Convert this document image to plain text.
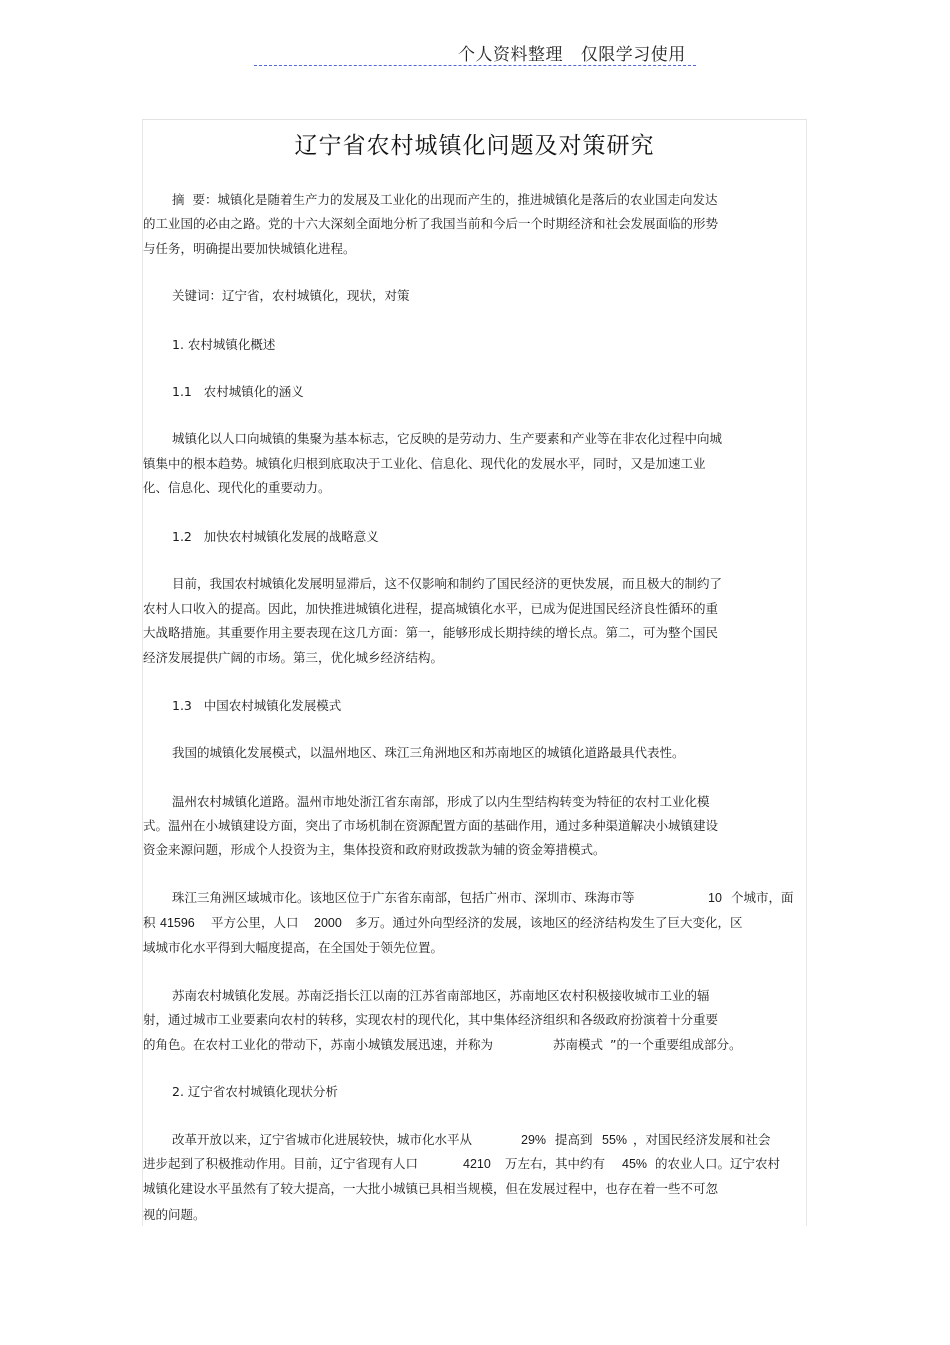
个人资料整理   仅限学习使用
辽宁省农村城镇化问题及对策研究
摘  要：城镇化是随着生产力的发展及工业化的出现而产生的，推进城镇化是落后的农业国走向发达
的工业国的必由之路。党的十六大深刻全面地分析了我国当前和今后一个时期经济和社会发展面临的形势
与任务，明确提出要加快城镇化进程。
关键词：辽宁省，农村城镇化，现状，对策
1. 农村城镇化概述
1.1   农村城镇化的涵义
城镇化以人口向城镇的集聚为基本标志，它反映的是劳动力、生产要素和产业等在非农化过程中向城
镇集中的根本趋势。城镇化归根到底取决于工业化、信息化、现代化的发展水平，同时，又是加速工业
化、信息化、现代化的重要动力。
1.2   加快农村城镇化发展的战略意义
目前，我国农村城镇化发展明显滞后，这不仅影响和制约了国民经济的更快发展，而且极大的制约了
农村人口收入的提高。因此，加快推进城镇化进程，提高城镇化水平，已成为促进国民经济良性循环的重
大战略措施。其重要作用主要表现在这几方面：第一，能够形成长期持续的增长点。第二，可为整个国民
经济发展提供广阔的市场。第三，优化城乡经济结构。
1.3   中国农村城镇化发展模式
我国的城镇化发展模式，以温州地区、珠江三角洲地区和苏南地区的城镇化道路最具代表性。
温州农村城镇化道路。温州市地处浙江省东南部，形成了以内生型结构转变为特征的农村工业化模
式。温州在小城镇建设方面，突出了市场机制在资源配置方面的基础作用，通过多种渠道解决小城镇建设
资金来源问题，形成个人投资为主，集体投资和政府财政拨款为辅的资金筹措模式。
珠江三角洲区域城市化。该地区位于广东省东南部，包括广州市、深圳市、珠海市等	10 个城市，面
积 41596 平方公里，人口 2000 多万。通过外向型经济的发展，该地区的经济结构发生了巨大变化，区
域城市化水平得到大幅度提高，在全国处于领先位置。
苏南农村城镇化发展。苏南泛指长江以南的江苏省南部地区，苏南地区农村积极接收城市工业的辐
射，通过城市工业要素向农村的转移，实现农村的现代化，其中集体经济组织和各级政府扮演着十分重要
的角色。在农村工业化的带动下，苏南小城镇发展迅速，并称为	苏南模式 ”的一个重要组成部分。
2. 辽宁省农村城镇化现状分析
改革开放以来，辽宁省城市化进展较快，城市化水平从	29% 提高到 55% ，对国民经济发展和社会
进步起到了积极推动作用。目前，辽宁省现有人口	4210 万左右，其中约有 45% 的农业人口。辽宁农村
城镇化建设水平虽然有了较大提高，一大批小城镇已具相当规模，但在发展过程中，也存在着一些不可忽
视的问题。
